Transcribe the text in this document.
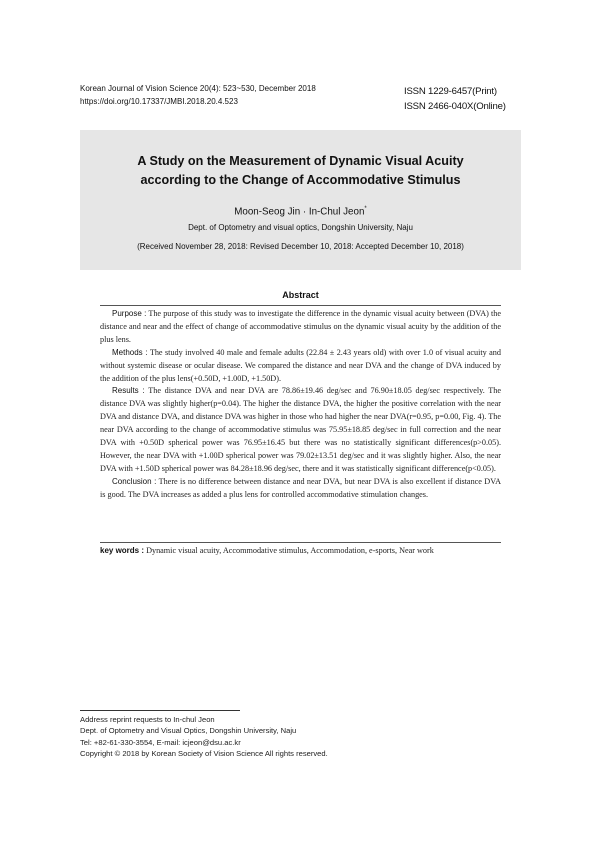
Korean Journal of Vision Science 20(4): 523~530, December 2018
https://doi.org/10.17337/JMBI.2018.20.4.523
ISSN 1229-6457(Print)
ISSN 2466-040X(Online)
A Study on the Measurement of Dynamic Visual Acuity
according to the Change of Accommodative Stimulus
Moon-Seog Jin · In-Chul Jeon*
Dept. of Optometry and visual optics, Dongshin University, Naju
(Received November 28, 2018: Revised December 10, 2018: Accepted December 10, 2018)
Abstract

Purpose : The purpose of this study was to investigate the difference in the dynamic visual acuity between (DVA) the distance and near and the effect of change of accommodative stimulus on the dynamic visual acuity by the addition of the plus lens.

Methods : The study involved 40 male and female adults (22.84 ± 2.43 years old) with over 1.0 of visual acuity and without systemic disease or ocular disease. We compared the distance and near DVA and the change of DVA induced by the addition of the plus lens(+0.50D, +1.00D, +1.50D).

Results : The distance DVA and near DVA are 78.86±19.46 deg/sec and 76.90±18.05 deg/sec respectively. The distance DVA was slightly higher(p=0.04). The higher the distance DVA, the higher the positive correlation with the near DVA and distance DVA, and distance DVA was higher in those who had higher the near DVA(r=0.95, p=0.00, Fig. 4). The near DVA according to the change of accommodative stimulus was 75.95±18.85 deg/sec in full correction and the near DVA with +0.50D spherical power was 76.95±16.45 but there was no statistically significant differences(p>0.05). However, the near DVA with +1.00D spherical power was 79.02±13.51 deg/sec and it was slightly higher. Also, the near DVA with +1.50D spherical power was 84.28±18.96 deg/sec, there and it was statistically significant difference(p<0.05).

Conclusion : There is no difference between distance and near DVA, but near DVA is also excellent if distance DVA is good. The DVA increases as added a plus lens for controlled accommodative stimulation changes.

key words : Dynamic visual acuity, Accommodative stimulus, Accommodation, e-sports, Near work
Address reprint requests to In-chul Jeon
Dept. of Optometry and Visual Optics, Dongshin University, Naju
Tel: +82-61-330-3554, E-mail: icjeon@dsu.ac.kr
Copyright © 2018 by Korean Society of Vision Science All rights reserved.
